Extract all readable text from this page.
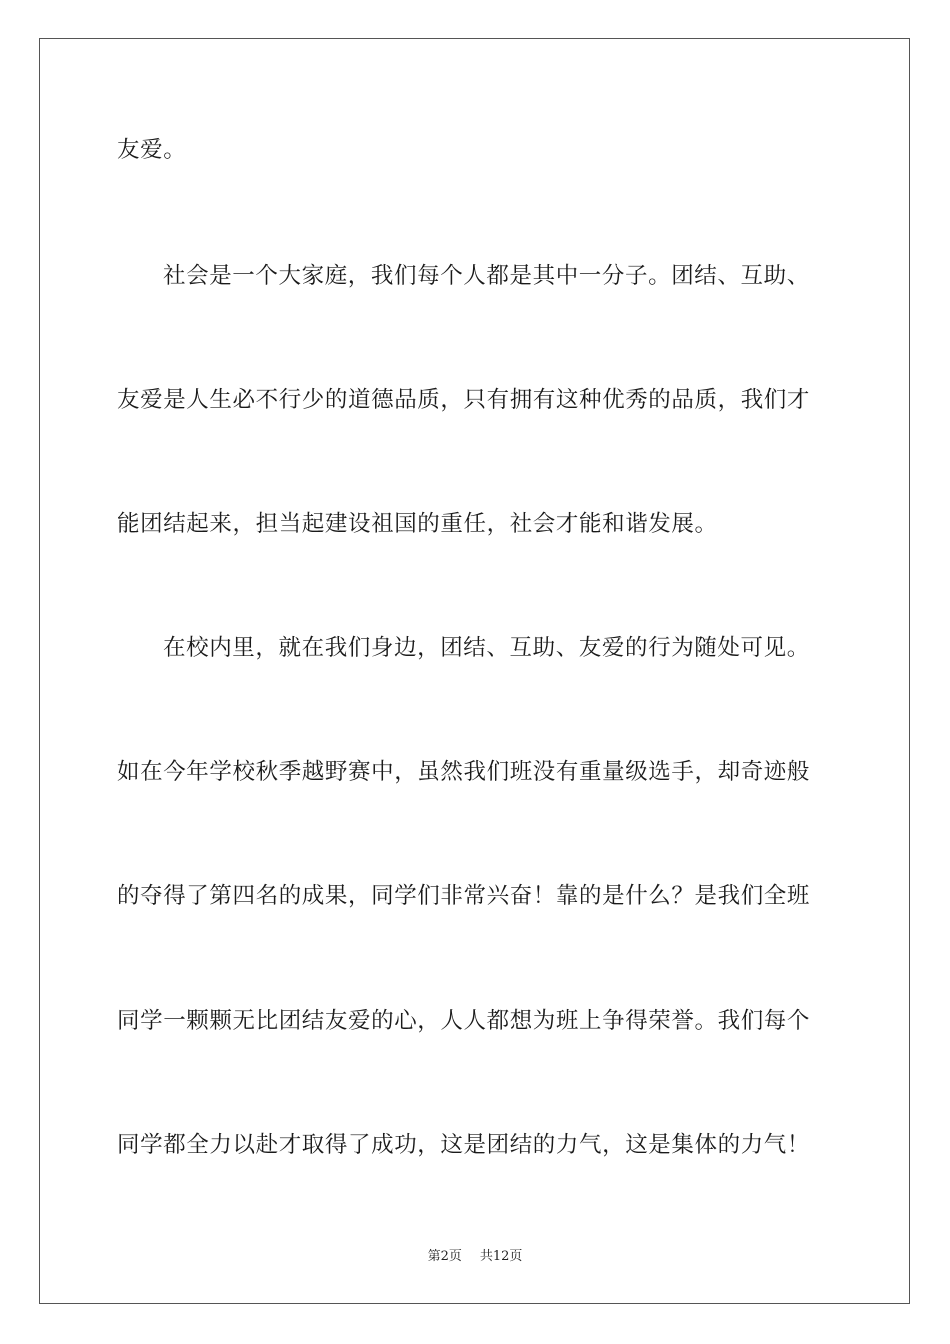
友爱。
社会是一个大家庭，我们每个人都是其中一分子。团结、互助、
友爱是人生必不行少的道德品质，只有拥有这种优秀的品质，我们才
能团结起来，担当起建设祖国的重任，社会才能和谐发展。
在校内里，就在我们身边，团结、互助、友爱的行为随处可见。
如在今年学校秋季越野赛中，虽然我们班没有重量级选手，却奇迹般
的夺得了第四名的成果，同学们非常兴奋！靠的是什么？是我们全班
同学一颗颗无比团结友爱的心，人人都想为班上争得荣誉。我们每个
同学都全力以赴才取得了成功，这是团结的力气，这是集体的力气！
第2页 共12页
